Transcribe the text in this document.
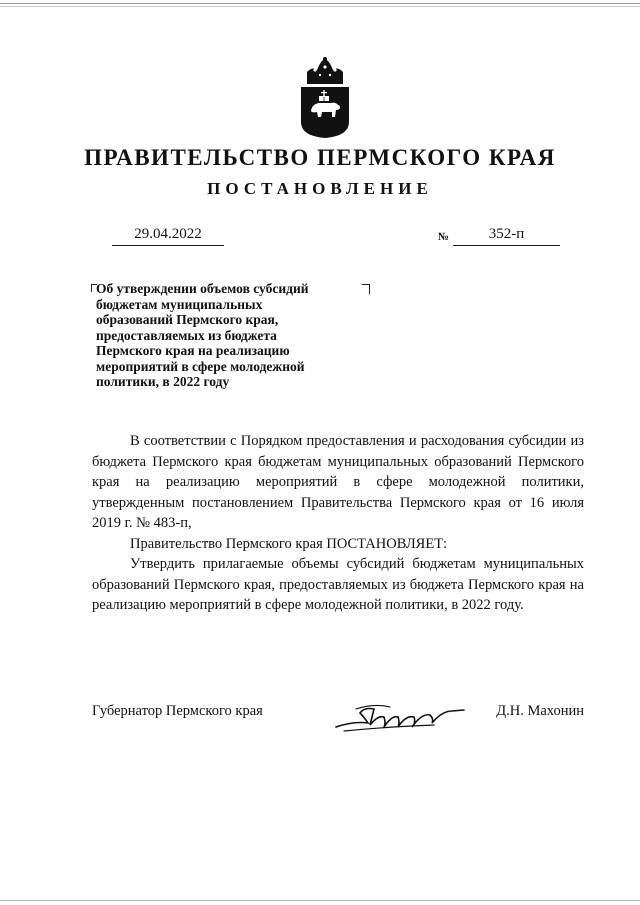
ПРАВИТЕЛЬСТВО ПЕРМСКОГО КРАЯ
ПОСТАНОВЛЕНИЕ
29.04.2022	№	352-п
Об утверждении объемов субсидий
бюджетам муниципальных
образований Пермского края,
предоставляемых из бюджета
Пермского края на реализацию
мероприятий в сфере молодежной
политики, в 2022 году

В соответствии с Порядком предоставления и расходования субсидии из бюджета Пермского края бюджетам муниципальных образований Пермского края на реализацию мероприятий в сфере молодежной политики, утвержденным постановлением Правительства Пермского края от 16 июля 2019 г. № 483-п,

Правительство Пермского края ПОСТАНОВЛЯЕТ:

Утвердить прилагаемые объемы субсидий бюджетам муниципальных образований Пермского края, предоставляемых из бюджета Пермского края на реализацию мероприятий в сфере молодежной политики, в 2022 году.

Губернатор Пермского края	Д.Н. Махонин
